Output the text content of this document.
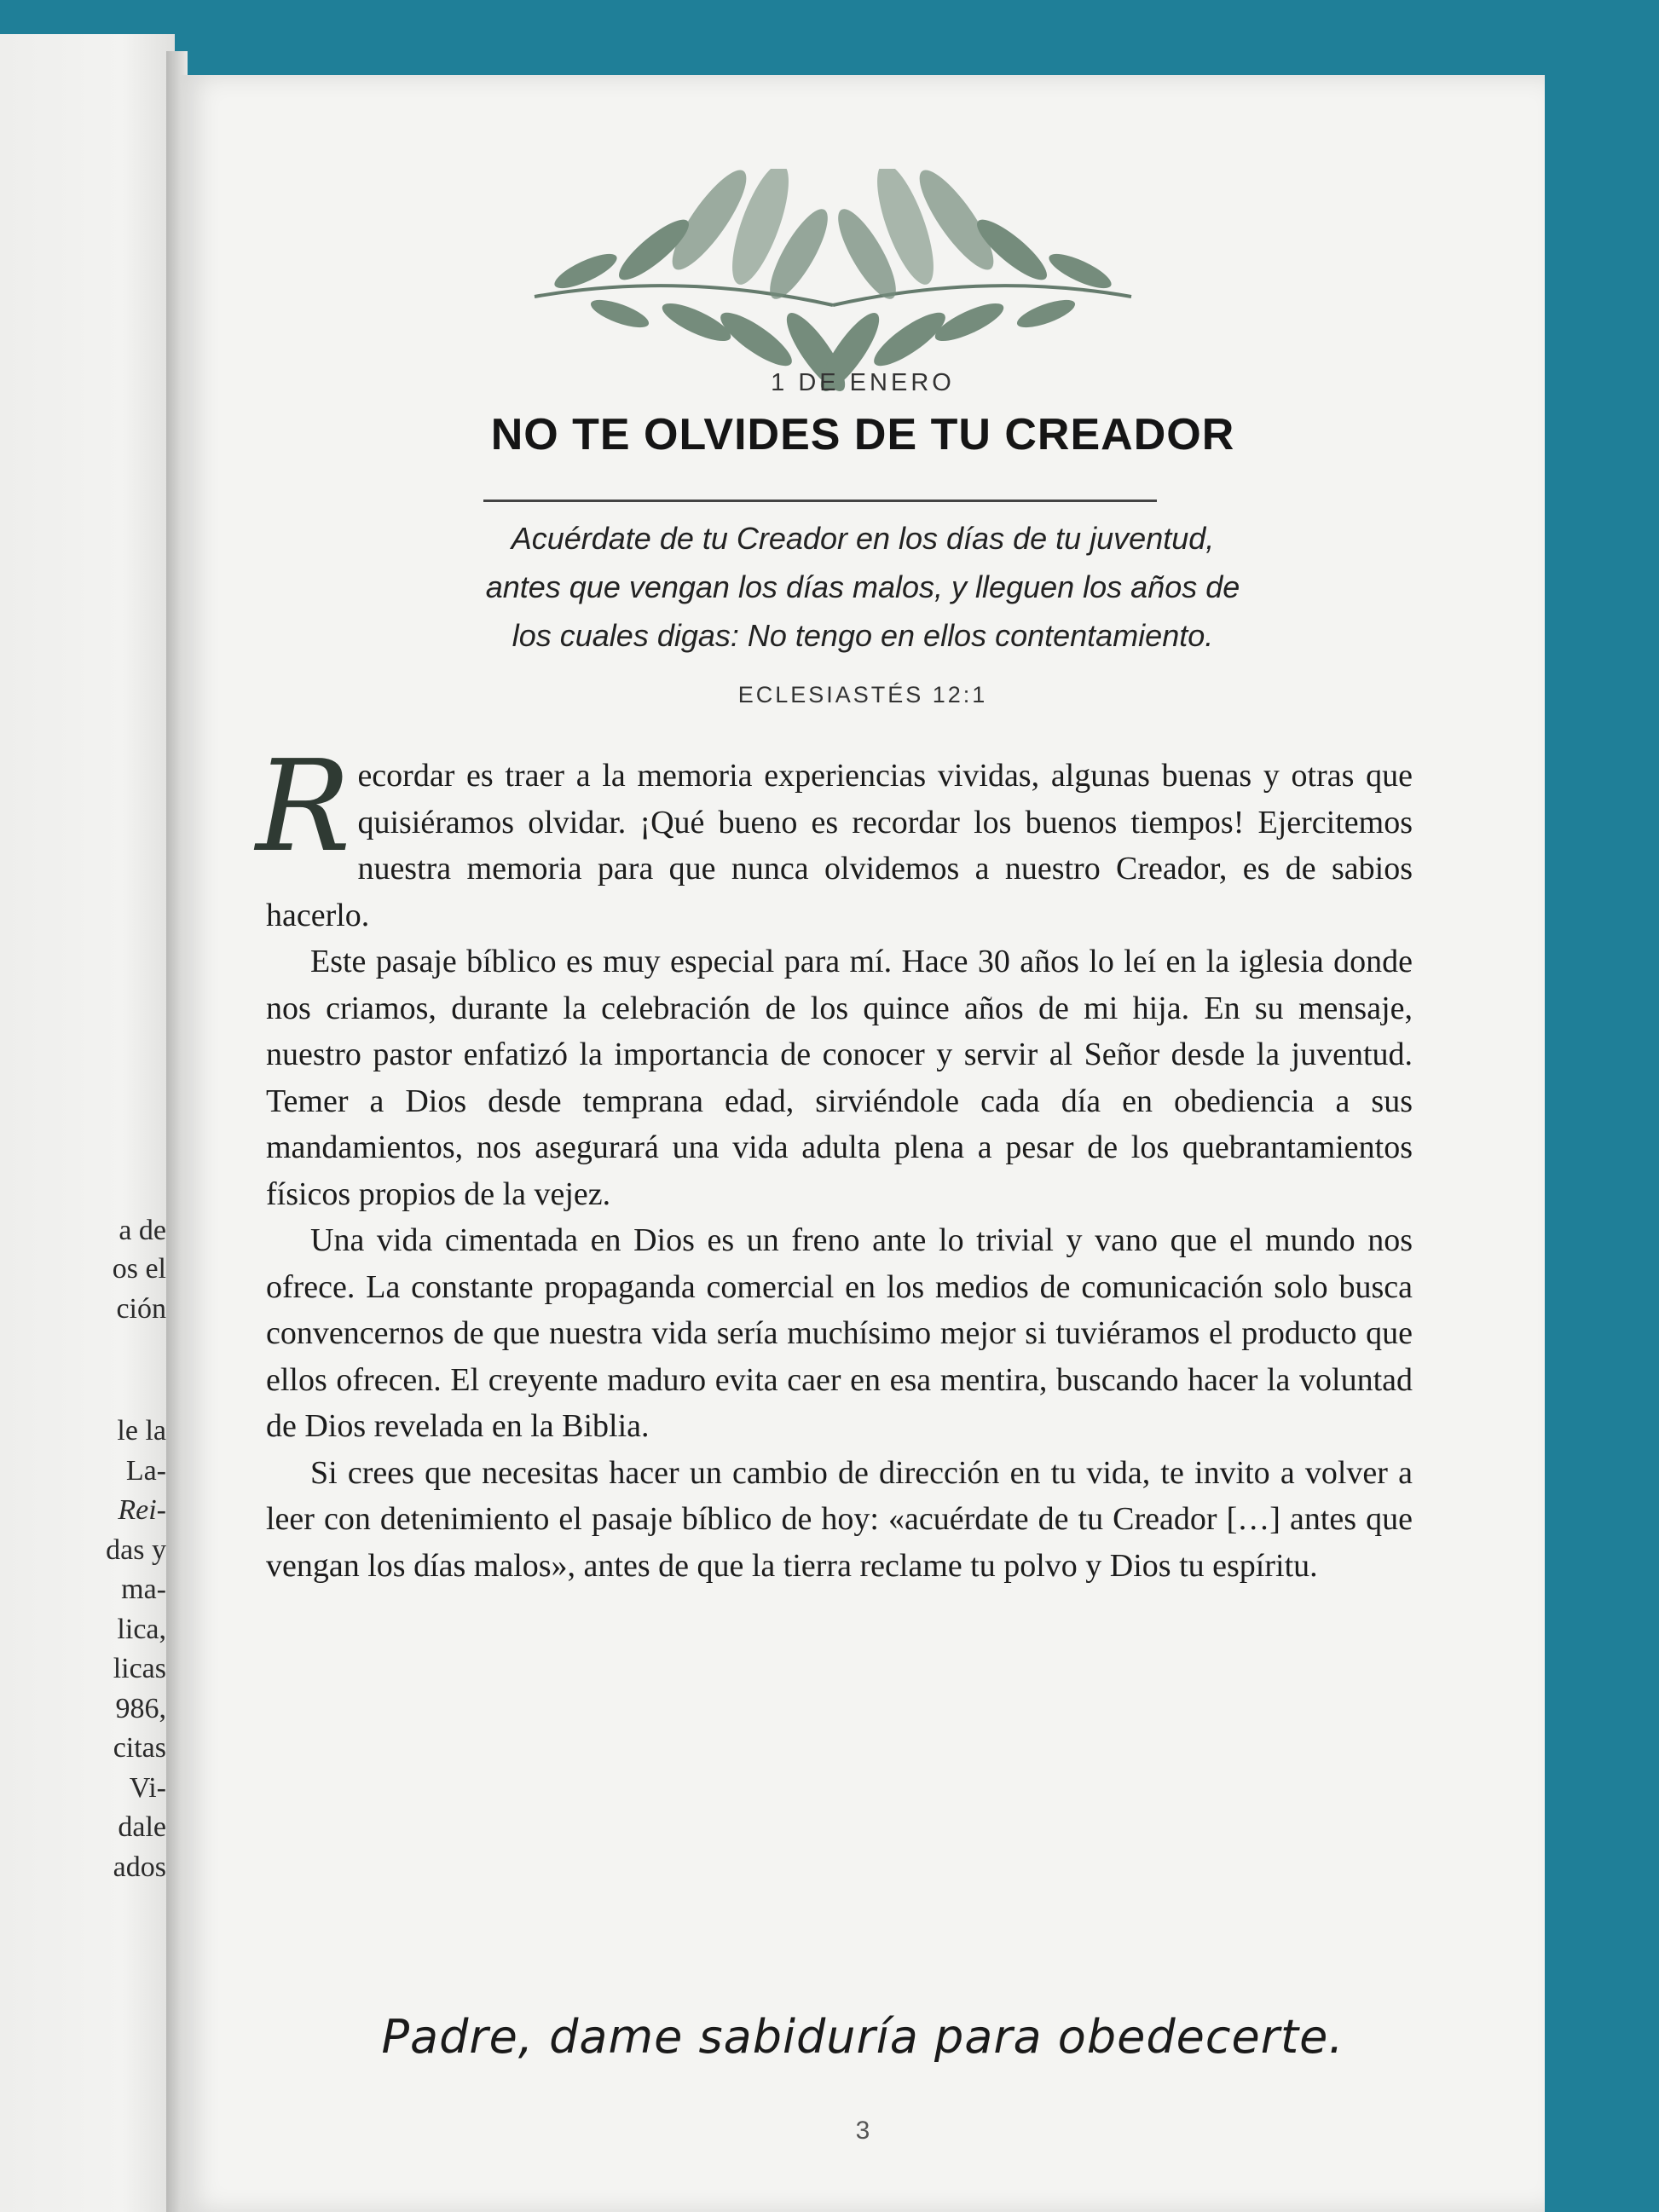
a de
os el
ción
le la
La-
Rei-
das y
ma-
lica,
licas
986,
citas
Vi-
dale
ados
1 DE ENERO
NO TE OLVIDES DE TU CREADOR
Acuérdate de tu Creador en los días de tu juventud,
antes que vengan los días malos, y lleguen los años de
los cuales digas: No tengo en ellos contentamiento.
ECLESIASTÉS 12:1

Recordar es traer a la memoria experiencias vividas, algunas buenas y otras que quisiéramos olvidar. ¡Qué bueno es recordar los buenos tiempos! Ejercitemos nuestra memoria para que nunca olvidemos a nuestro Creador, es de sabios hacerlo.

Este pasaje bíblico es muy especial para mí. Hace 30 años lo leí en la iglesia donde nos criamos, durante la celebración de los quince años de mi hija. En su mensaje, nuestro pastor enfatizó la importancia de conocer y servir al Señor desde la juventud. Temer a Dios desde temprana edad, sirviéndole cada día en obediencia a sus mandamientos, nos asegurará una vida adulta plena a pesar de los quebrantamientos físicos propios de la vejez.

Una vida cimentada en Dios es un freno ante lo trivial y vano que el mundo nos ofrece. La constante propaganda comercial en los medios de comunicación solo busca convencernos de que nuestra vida sería muchísimo mejor si tuviéramos el producto que ellos ofrecen. El creyente maduro evita caer en esa mentira, buscando hacer la voluntad de Dios revelada en la Biblia.

Si crees que necesitas hacer un cambio de dirección en tu vida, te invito a volver a leer con detenimiento el pasaje bíblico de hoy: «acuérdate de tu Creador […] antes que vengan los días malos», antes de que la tierra reclame tu polvo y Dios tu espíritu.

Padre, dame sabiduría para obedecerte.
3
